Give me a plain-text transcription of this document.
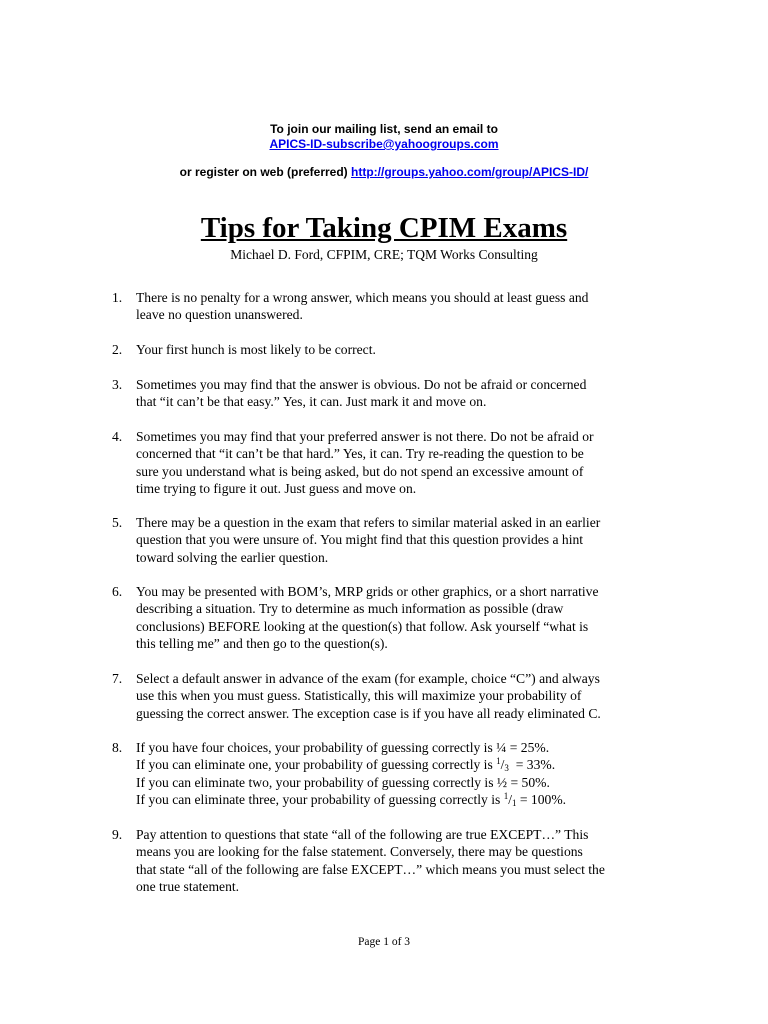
To join our mailing list, send an email to
APICS-ID-subscribe@yahoogroups.com
or register on web (preferred) http://groups.yahoo.com/group/APICS-ID/
Tips for Taking CPIM Exams
Michael D. Ford, CFPIM, CRE; TQM Works Consulting
1.	There is no penalty for a wrong answer, which means you should at least guess and
leave no question unanswered.
2.	Your first hunch is most likely to be correct.
3.	Sometimes you may find that the answer is obvious. Do not be afraid or concerned
that “it can’t be that easy.” Yes, it can. Just mark it and move on.
4.	Sometimes you may find that your preferred answer is not there. Do not be afraid or
concerned that “it can’t be that hard.” Yes, it can. Try re-reading the question to be
sure you understand what is being asked, but do not spend an excessive amount of
time trying to figure it out. Just guess and move on.
5.	There may be a question in the exam that refers to similar material asked in an earlier
question that you were unsure of. You might find that this question provides a hint
toward solving the earlier question.
6.	You may be presented with BOM’s, MRP grids or other graphics, or a short narrative
describing a situation. Try to determine as much information as possible (draw
conclusions) BEFORE looking at the question(s) that follow. Ask yourself “what is
this telling me” and then go to the question(s).
7.	Select a default answer in advance of the exam (for example, choice “C”) and always
use this when you must guess. Statistically, this will maximize your probability of
guessing the correct answer. The exception case is if you have all ready eliminated C.
8.	If you have four choices, your probability of guessing correctly is ¼ = 25%.
If you can eliminate one, your probability of guessing correctly is $^1/_3 = 33\%$.
If you can eliminate two, your probability of guessing correctly is ½ = 50%.
If you can eliminate three, your probability of guessing correctly is $^1/_1 = 100\%$.
9.	Pay attention to questions that state “all of the following are true EXCEPT…” This
means you are looking for the false statement. Conversely, there may be questions
that state “all of the following are false EXCEPT…” which means you must select the
one true statement.
Page 1 of 3
